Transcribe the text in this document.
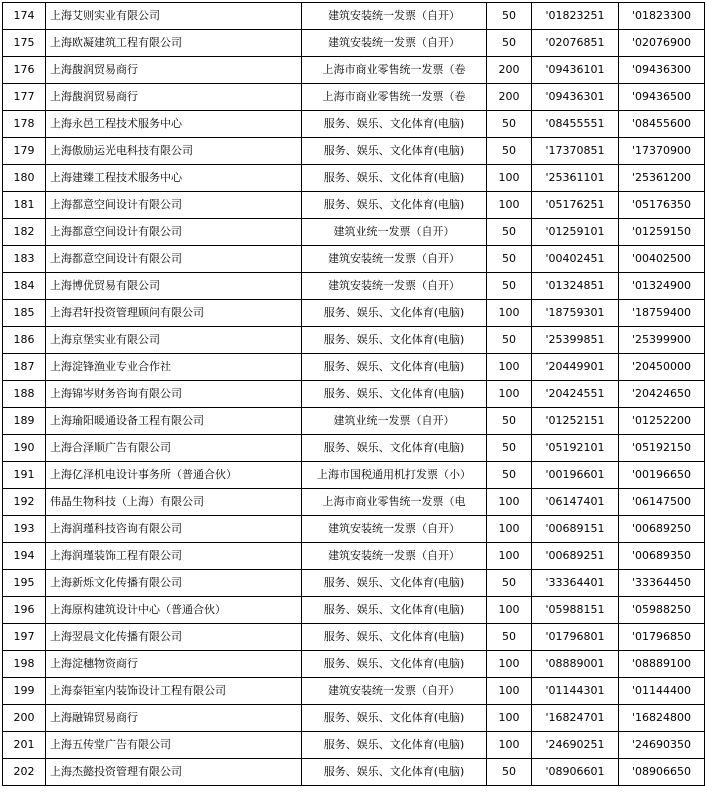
174	上海艾则实业有限公司	建筑安装统一发票（自开）	50	'01823251	'01823300
175	上海欧凝建筑工程有限公司	建筑安装统一发票（自开）	50	'02076851	'02076900
176	上海馥润贸易商行	上海市商业零售统一发票（卷	200	'09436101	'09436300
177	上海馥润贸易商行	上海市商业零售统一发票（卷	200	'09436301	'09436500
178	上海永邑工程技术服务中心	服务、娱乐、文化体育(电脑)	50	'08455551	'08455600
179	上海傲励运光电科技有限公司	服务、娱乐、文化体育(电脑)	50	'17370851	'17370900
180	上海建臻工程技术服务中心	服务、娱乐、文化体育(电脑)	100	'25361101	'25361200
181	上海都意空间设计有限公司	服务、娱乐、文化体育(电脑)	100	'05176251	'05176350
182	上海都意空间设计有限公司	建筑业统一发票（自开）	50	'01259101	'01259150
183	上海都意空间设计有限公司	建筑安装统一发票（自开）	50	'00402451	'00402500
184	上海博优贸易有限公司	建筑安装统一发票（自开）	50	'01324851	'01324900
185	上海君轩投资管理顾问有限公司	服务、娱乐、文化体育(电脑)	100	'18759301	'18759400
186	上海京堡实业有限公司	服务、娱乐、文化体育(电脑)	50	'25399851	'25399900
187	上海淀锋渔业专业合作社	服务、娱乐、文化体育(电脑)	100	'20449901	'20450000
188	上海锦岑财务咨询有限公司	服务、娱乐、文化体育(电脑)	100	'20424551	'20424650
189	上海瑜阳暖通设备工程有限公司	建筑业统一发票（自开）	50	'01252151	'01252200
190	上海合泽顺广告有限公司	服务、娱乐、文化体育(电脑)	50	'05192101	'05192150
191	上海亿泽机电设计事务所（普通合伙）	上海市国税通用机打发票（小）	50	'00196601	'00196650
192	伟晶生物科技（上海）有限公司	上海市商业零售统一发票（电	100	'06147401	'06147500
193	上海润瑾科技咨询有限公司	建筑安装统一发票（自开）	100	'00689151	'00689250
194	上海润瑾装饰工程有限公司	建筑安装统一发票（自开）	100	'00689251	'00689350
195	上海新烁文化传播有限公司	服务、娱乐、文化体育(电脑)	50	'33364401	'33364450
196	上海原构建筑设计中心（普通合伙）	服务、娱乐、文化体育(电脑)	100	'05988151	'05988250
197	上海翌晨文化传播有限公司	服务、娱乐、文化体育(电脑)	50	'01796801	'01796850
198	上海淀穗物资商行	服务、娱乐、文化体育(电脑)	100	'08889001	'08889100
199	上海泰钜室内装饰设计工程有限公司	建筑安装统一发票（自开）	100	'01144301	'01144400
200	上海融锦贸易商行	服务、娱乐、文化体育(电脑)	100	'16824701	'16824800
201	上海五传堂广告有限公司	服务、娱乐、文化体育(电脑)	100	'24690251	'24690350
202	上海杰懿投资管理有限公司	服务、娱乐、文化体育(电脑)	50	'08906601	'08906650
